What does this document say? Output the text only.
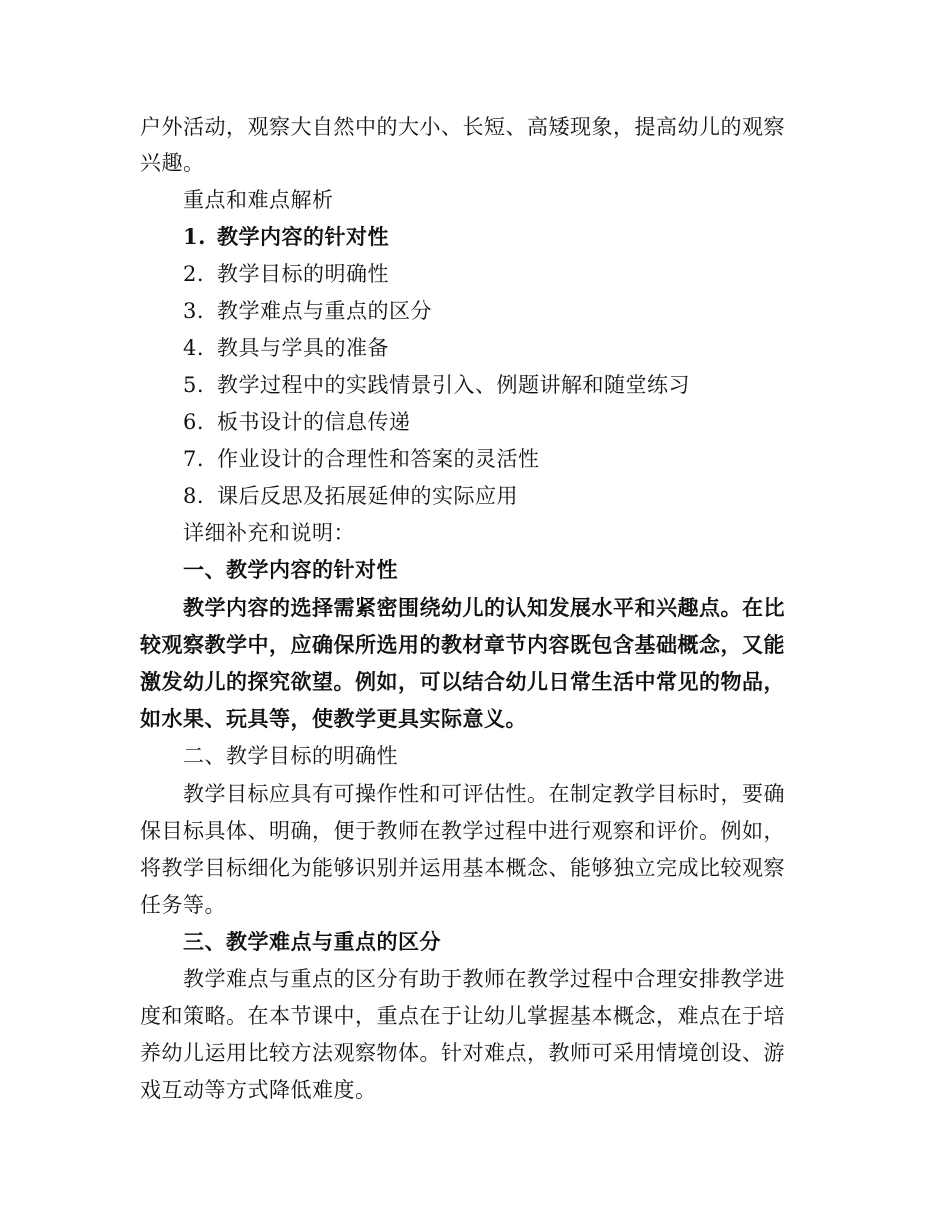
户外活动，观察大自然中的大小、长短、高矮现象，提高幼儿的观察
兴趣。
重点和难点解析
1. 教学内容的针对性
2. 教学目标的明确性
3. 教学难点与重点的区分
4. 教具与学具的准备
5. 教学过程中的实践情景引入、例题讲解和随堂练习
6. 板书设计的信息传递
7. 作业设计的合理性和答案的灵活性
8. 课后反思及拓展延伸的实际应用
详细补充和说明：
一、教学内容的针对性
教学内容的选择需紧密围绕幼儿的认知发展水平和兴趣点。在比
较观察教学中，应确保所选用的教材章节内容既包含基础概念，又能
激发幼儿的探究欲望。例如，可以结合幼儿日常生活中常见的物品，
如水果、玩具等，使教学更具实际意义。
二、教学目标的明确性
教学目标应具有可操作性和可评估性。在制定教学目标时，要确
保目标具体、明确，便于教师在教学过程中进行观察和评价。例如，
将教学目标细化为能够识别并运用基本概念、能够独立完成比较观察
任务等。
三、教学难点与重点的区分
教学难点与重点的区分有助于教师在教学过程中合理安排教学进
度和策略。在本节课中，重点在于让幼儿掌握基本概念，难点在于培
养幼儿运用比较方法观察物体。针对难点，教师可采用情境创设、游
戏互动等方式降低难度。
